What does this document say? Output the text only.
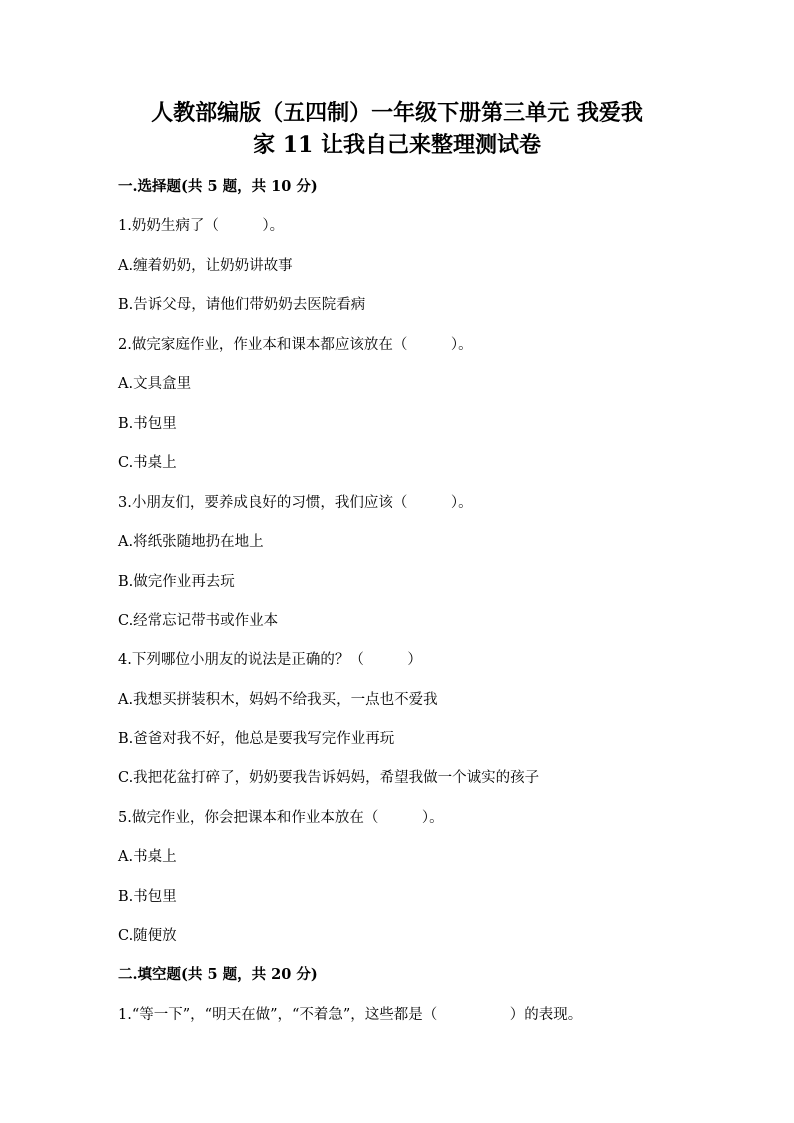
人教部编版（五四制）一年级下册第三单元 我爱我
家 11 让我自己来整理测试卷
一.选择题(共 5 题，共 10 分)
1.奶奶生病了（　　　）。
A.缠着奶奶，让奶奶讲故事
B.告诉父母，请他们带奶奶去医院看病
2.做完家庭作业，作业本和课本都应该放在（　　　）。
A.文具盒里
B.书包里
C.书桌上
3.小朋友们，要养成良好的习惯，我们应该（　　　）。
A.将纸张随地扔在地上
B.做完作业再去玩
C.经常忘记带书或作业本
4.下列哪位小朋友的说法是正确的？（　　　）
A.我想买拼装积木，妈妈不给我买，一点也不爱我
B.爸爸对我不好，他总是要我写完作业再玩
C.我把花盆打碎了，奶奶要我告诉妈妈，希望我做一个诚实的孩子
5.做完作业，你会把课本和作业本放在（　　　）。
A.书桌上
B.书包里
C.随便放
二.填空题(共 5 题，共 20 分)
1.“等一下”，“明天在做”，“不着急”，这些都是（　　　　　）的表现。
